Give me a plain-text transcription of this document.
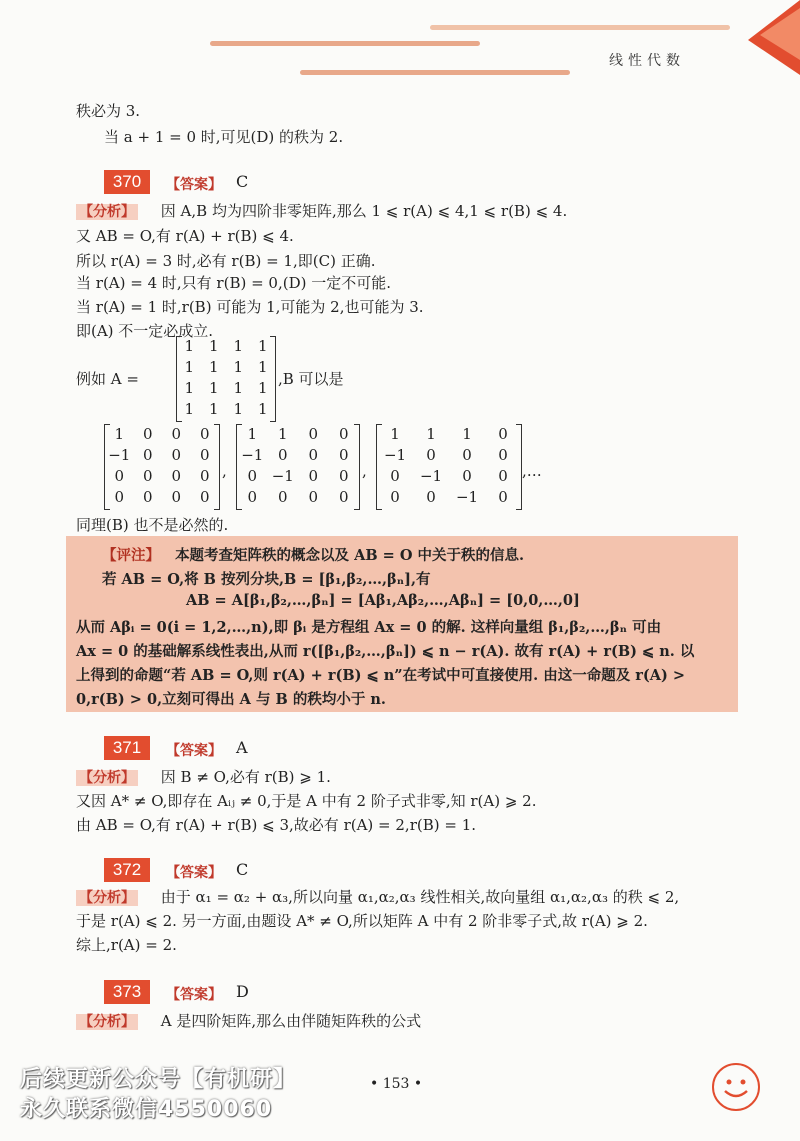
线性代数
秩必为 3.
当 a + 1 = 0 时,可见(D) 的秩为 2.
370	【答案】 C
【分析】 因 A,B 均为四阶非零矩阵,那么 1 ⩽ r(A) ⩽ 4,1 ⩽ r(B) ⩽ 4.
又 AB = O,有 r(A) + r(B) ⩽ 4.
所以 r(A) = 3 时,必有 r(B) = 1,即(C) 正确.
当 r(A) = 4 时,只有 r(B) = 0,(D) 一定不可能.
当 r(A) = 1 时,r(B) 可能为 1,可能为 2,也可能为 3.
即(A) 不一定必成立.
例如 A =
1 1 1 1
1 1 1 1
1 1 1 1
1 1 1 1
,B 可以是
1	0	0	0
−1 0	0	0
0	0	0	0
0	0	0	0
,
1	1	0	0
−1 0	0	0
0 −1 0	0
0	0	0	0
,
1	1	1	0
−1	0	0	0
0	−1	0	0
0	0	−1	0
,…
同理(B) 也不是必然的.
【评注】 本题考查矩阵秩的概念以及 AB = O 中关于秩的信息.
若 AB = O,将 B 按列分块,B = [β₁,β₂,…,βₙ],有
AB = A[β₁,β₂,…,βₙ] = [Aβ₁,Aβ₂,…,Aβₙ] = [0,0,…,0]
从而 Aβᵢ = 0(i = 1,2,…,n),即 βᵢ 是方程组 Ax = 0 的解. 这样向量组 β₁,β₂,…,βₙ 可由
Ax = 0 的基础解系线性表出,从而 r([β₁,β₂,…,βₙ]) ⩽ n − r(A). 故有 r(A) + r(B) ⩽ n. 以
上得到的命题“若 AB = O,则 r(A) + r(B) ⩽ n”在考试中可直接使用. 由这一命题及 r(A) >
0,r(B) > 0,立刻可得出 A 与 B 的秩均小于 n.
371	【答案】 A
【分析】 因 B ≠ O,必有 r(B) ⩾ 1.
又因 A* ≠ O,即存在 Aᵢⱼ ≠ 0,于是 A 中有 2 阶子式非零,知 r(A) ⩾ 2.
由 AB = O,有 r(A) + r(B) ⩽ 3,故必有 r(A) = 2,r(B) = 1.
372	【答案】 C
【分析】 由于 α₁ = α₂ + α₃,所以向量 α₁,α₂,α₃ 线性相关,故向量组 α₁,α₂,α₃ 的秩 ⩽ 2,
于是 r(A) ⩽ 2. 另一方面,由题设 A* ≠ O,所以矩阵 A 中有 2 阶非零子式,故 r(A) ⩾ 2.
综上,r(A) = 2.
373	【答案】 D
【分析】 A 是四阶矩阵,那么由伴随矩阵秩的公式
• 153 •
后续更新公众号【有机研】
永久联系微信4550060
